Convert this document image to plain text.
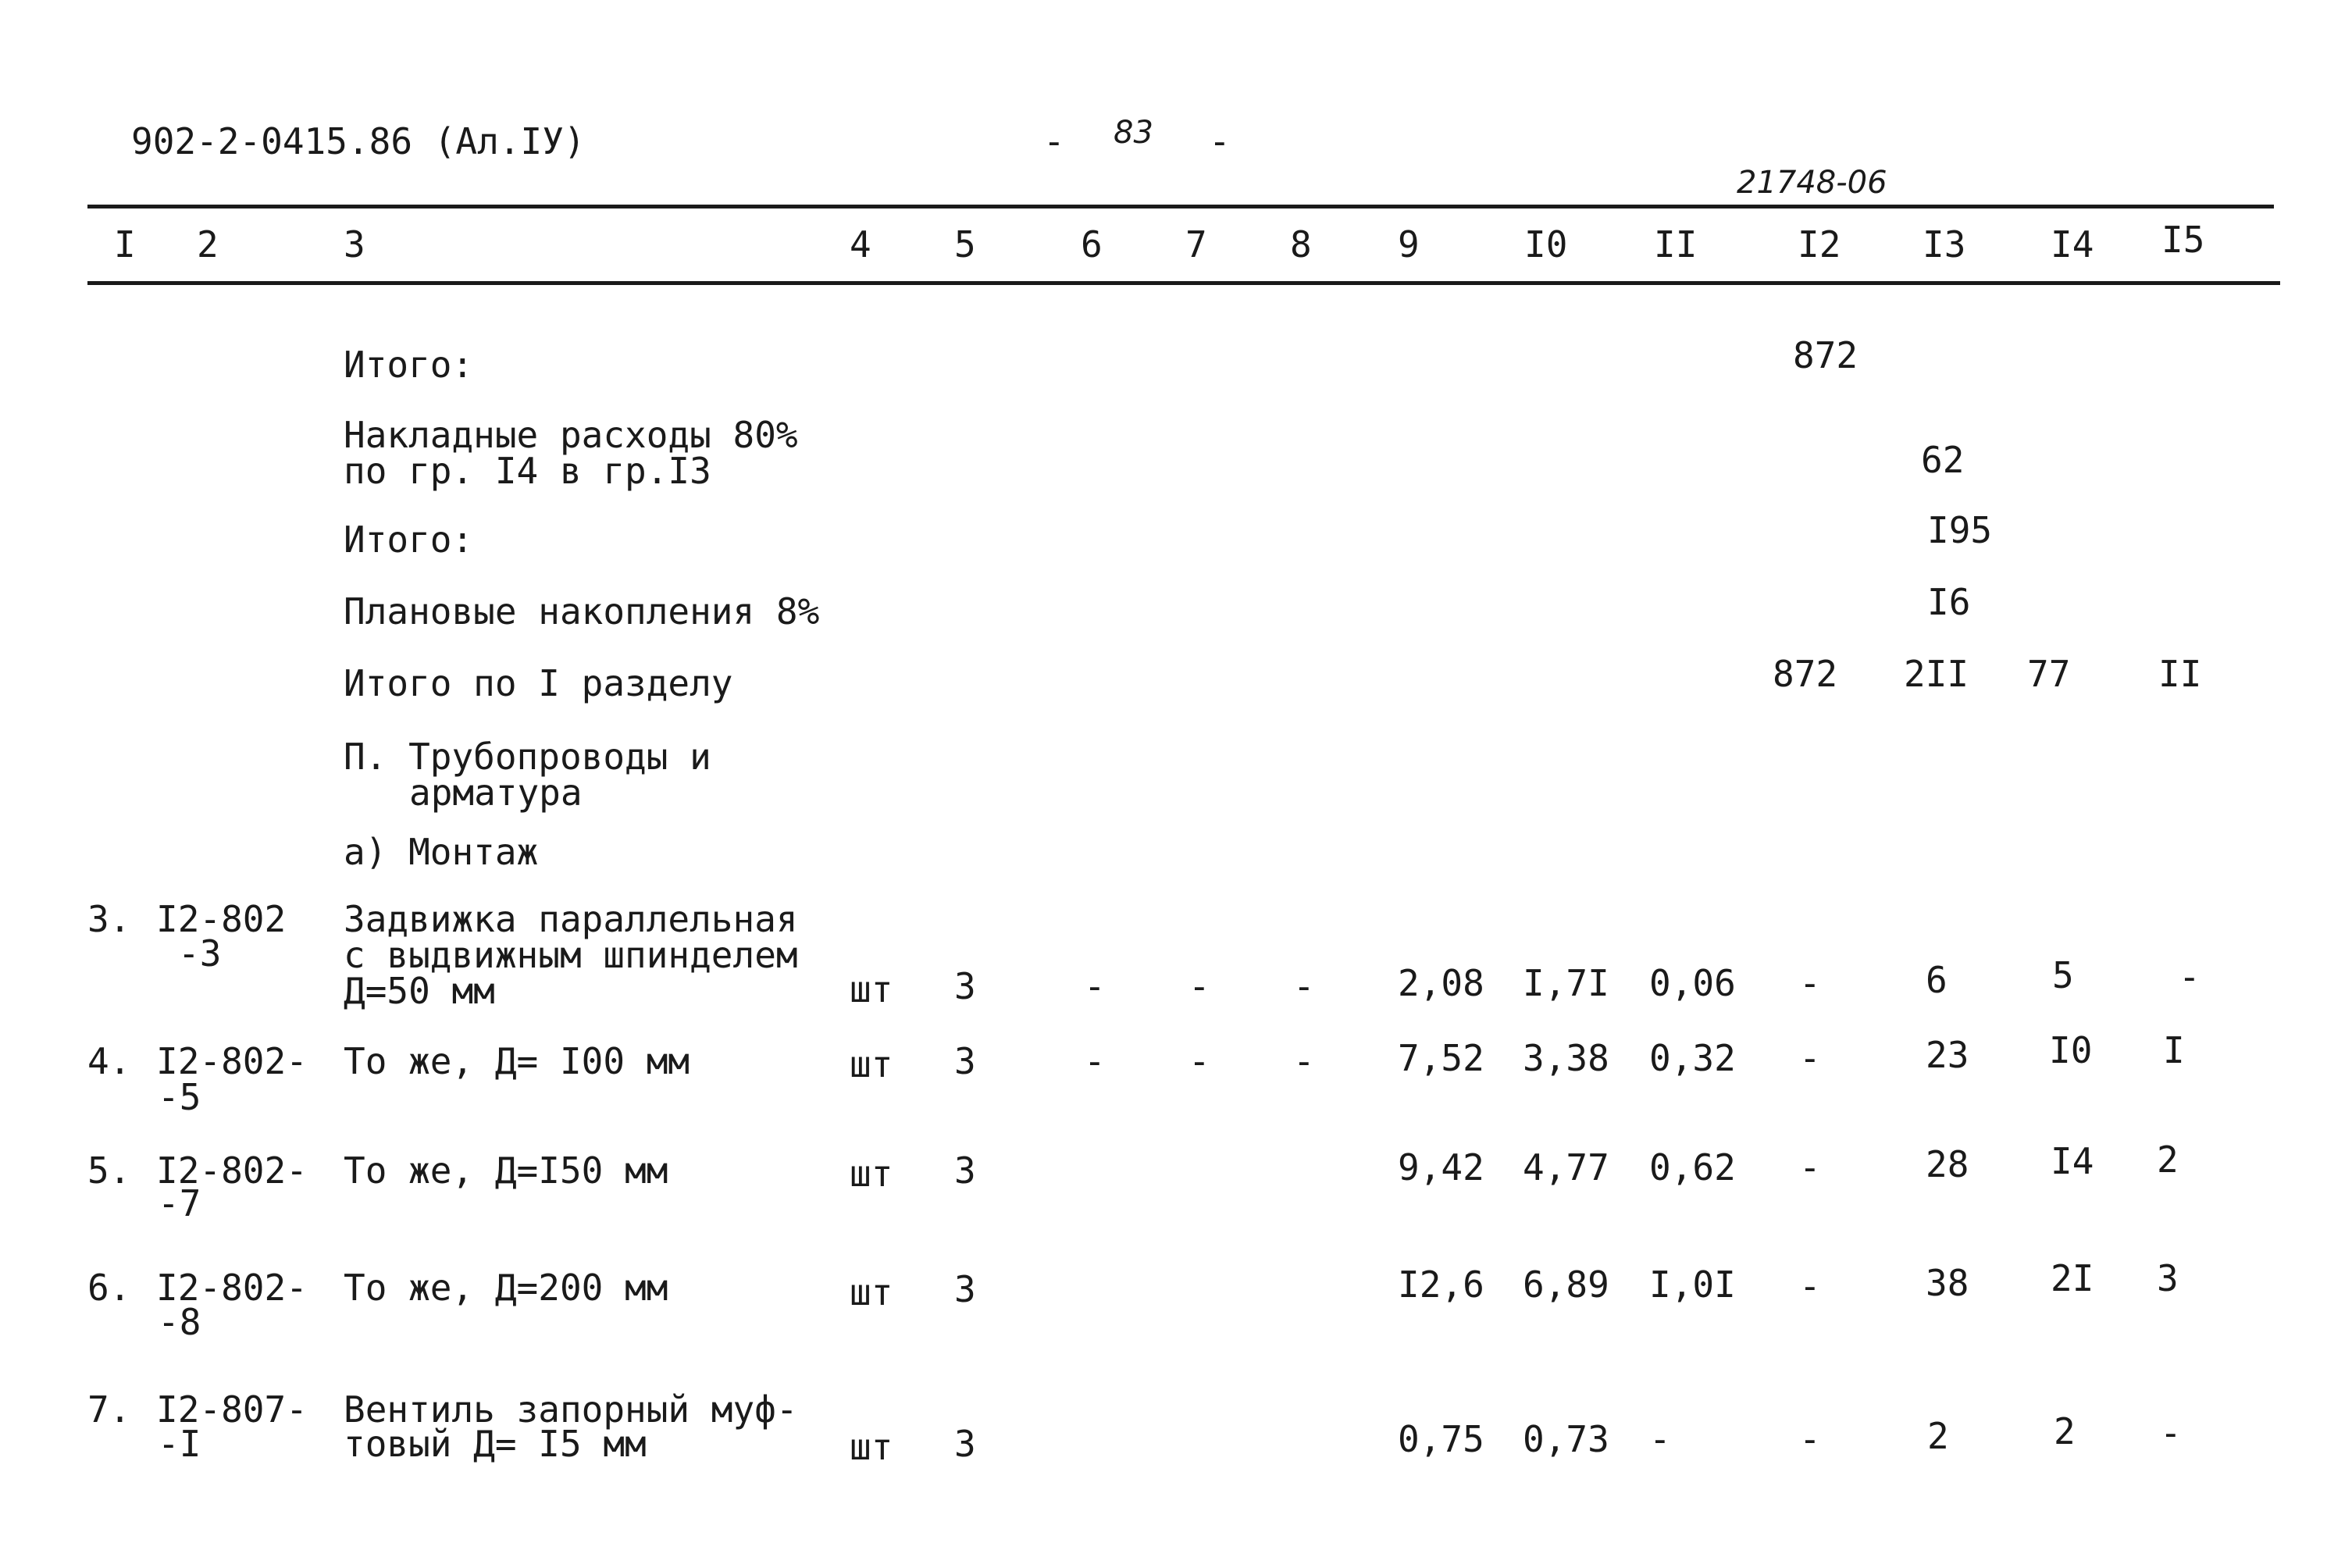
902-2-0415.86 (Ал.IУ)	- 83 -
21748-06
I 2	3	4 5	6 7 8 9	I0 II	I2 I3 I4 I5
Итого:	872
Накладные расходы 80%
по гр. I4 в гр.I3	62
Итого:	I95
Плановые накопления 8%	I6
Итого по I разделу	872 2II 77 II
П. Трубопроводы и
арматура
а) Монтаж
3. I2-802
-3
Задвижка параллельная
с выдвижным шпинделем
Д=50 мм	шт 3	- - - 2,08 I,7I 0,06 -	6	5	-
4. I2-802-
-5
То же, Д= I00 мм	шт 3	- - - 7,52 3,38 0,32 -	23 I0 I
5. I2-802-
-7
То же, Д=I50 мм	шт 3	9,42 4,77 0,62 -	28 I4 2
6. I2-802-
-8
То же, Д=200 мм	шт 3	I2,6 6,89 I,0I -	38 2I 3
7. I2-807-
-I
Вентиль запорный муф-
товый Д= I5 мм	шт 3	0,75 0,73 -	-	2	2 -
